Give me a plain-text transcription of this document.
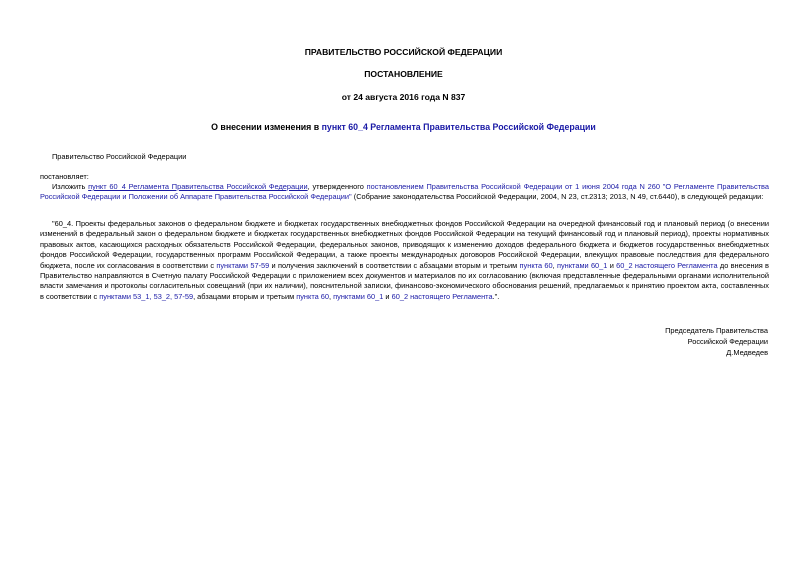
ПРАВИТЕЛЬСТВО РОССИЙСКОЙ ФЕДЕРАЦИИ
ПОСТАНОВЛЕНИЕ
от 24 августа 2016 года N 837
О внесении изменения в пункт 60_4 Регламента Правительства Российской Федерации
Правительство Российской Федерации
постановляет:
Изложить пункт 60_4 Регламента Правительства Российской Федерации, утвержденного постановлением Правительства Российской Федерации от 1 июня 2004 года N 260 "О Регламенте Правительства Российской Федерации и Положении об Аппарате Правительства Российской Федерации" (Собрание законодательства Российской Федерации, 2004, N 23, ст.2313; 2013, N 49, ст.6440), в следующей редакции:
"60_4. Проекты федеральных законов о федеральном бюджете и бюджетах государственных внебюджетных фондов Российской Федерации на очередной финансовый год и плановый период (о внесении изменений в федеральный закон о федеральном бюджете и бюджетах государственных внебюджетных фондов Российской Федерации на текущий финансовый год и плановый период), проекты нормативных правовых актов, касающихся расходных обязательств Российской Федерации, федеральных законов, приводящих к изменению доходов федерального бюджета и бюджетов государственных внебюджетных фондов Российской Федерации, государственных программ Российской Федерации, а также проекты международных договоров Российской Федерации, влекущих правовые последствия для федерального бюджета, после их согласования в соответствии с пунктами 57-59 и получения заключений в соответствии с абзацами вторым и третьим пункта 60, пунктами 60_1 и 60_2 настоящего Регламента до внесения в Правительство направляются в Счетную палату Российской Федерации с приложением всех документов и материалов по их согласованию (включая представленные федеральными органами исполнительной власти замечания и протоколы согласительных совещаний (при их наличии), пояснительной записки, финансово-экономического обоснования решений, предлагаемых к принятию проектом акта, составленных в соответствии с пунктами 53_1, 53_2, 57-59, абзацами вторым и третьим пункта 60, пунктами 60_1 и 60_2 настоящего Регламента.".
Председатель Правительства
Российской Федерации
Д.Медведев
